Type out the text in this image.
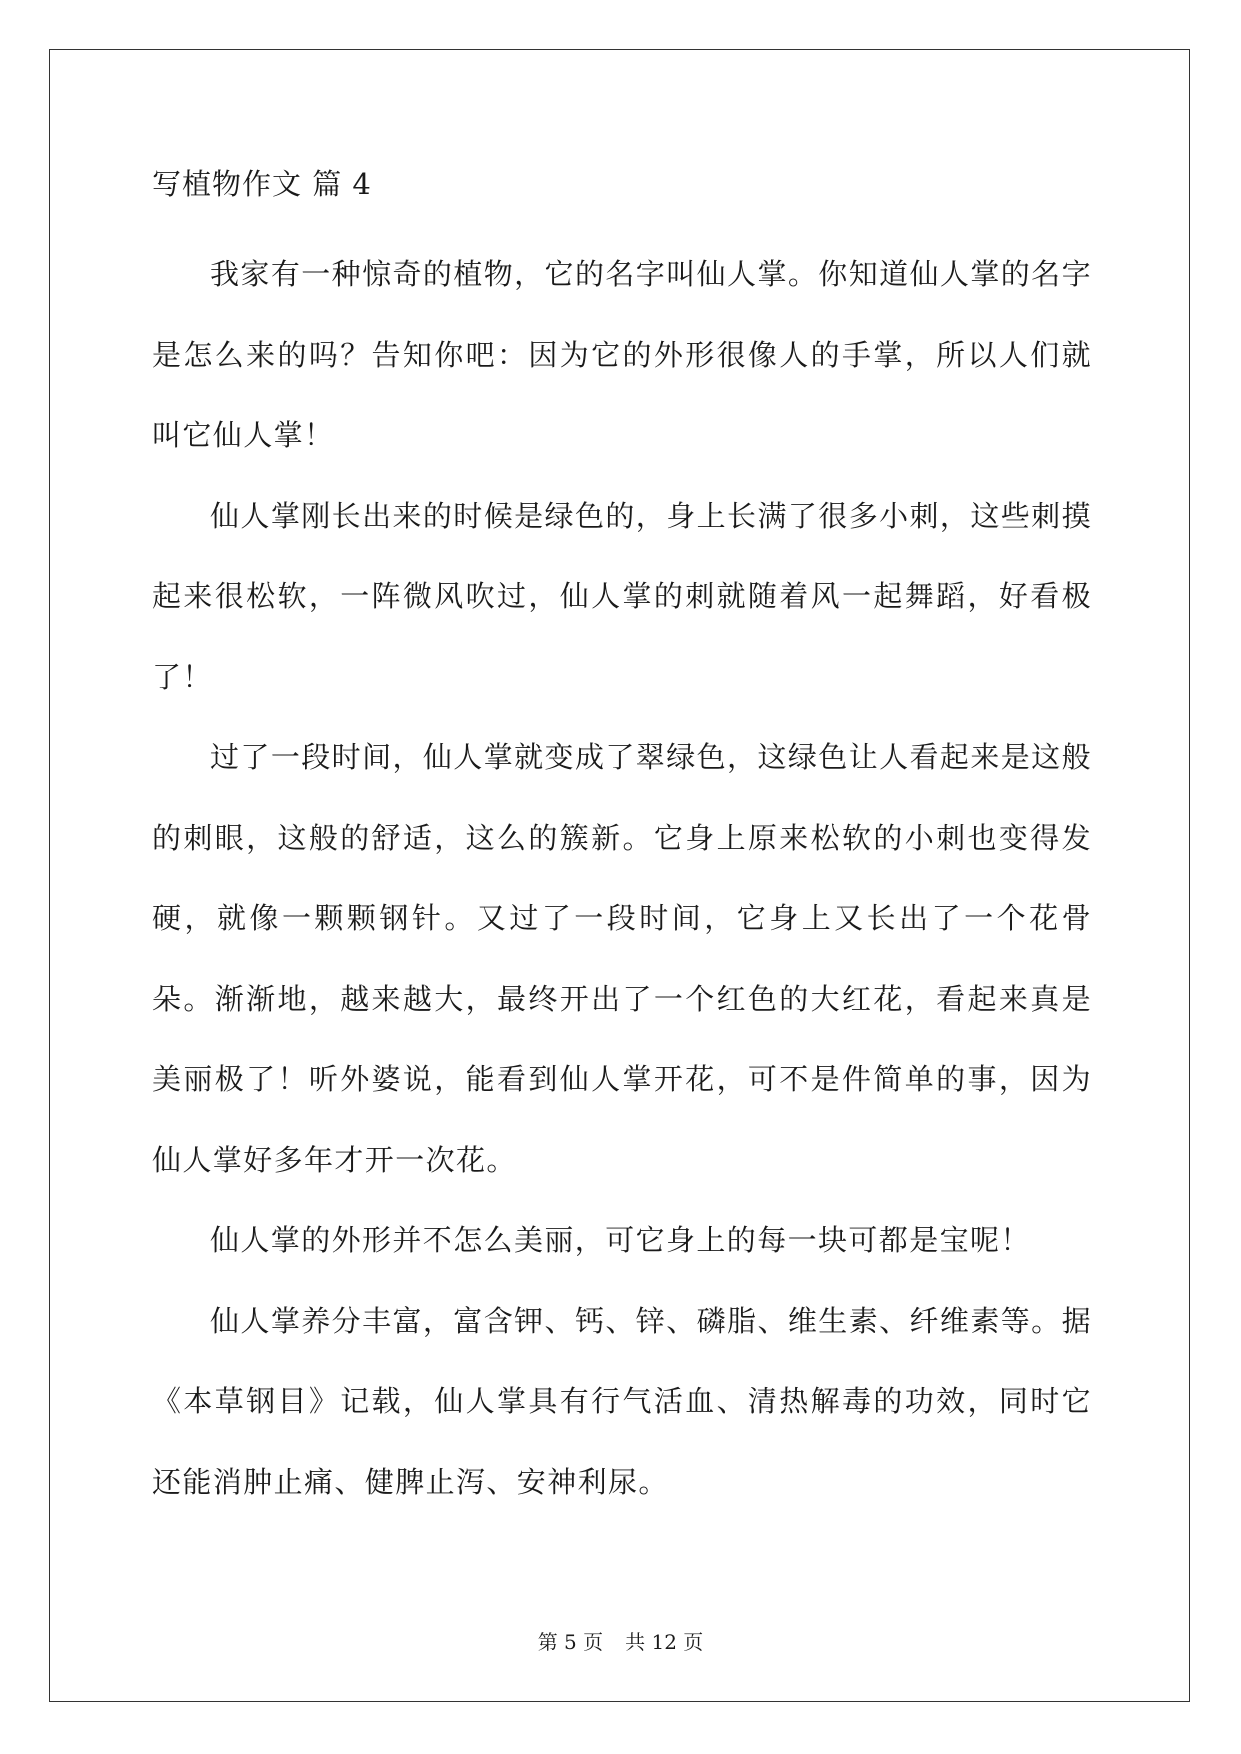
写植物作文 篇 4

我家有一种惊奇的植物，它的名字叫仙人掌。你知道仙人掌的名字是怎么来的吗？告知你吧：因为它的外形很像人的手掌，所以人们就叫它仙人掌！

仙人掌刚长出来的时候是绿色的，身上长满了很多小刺，这些刺摸起来很松软，一阵微风吹过，仙人掌的刺就随着风一起舞蹈，好看极了！

过了一段时间，仙人掌就变成了翠绿色，这绿色让人看起来是这般的刺眼，这般的舒适，这么的簇新。它身上原来松软的小刺也变得发硬，就像一颗颗钢针。又过了一段时间，它身上又长出了一个花骨朵。渐渐地，越来越大，最终开出了一个红色的大红花，看起来真是美丽极了！听外婆说，能看到仙人掌开花，可不是件简单的事，因为仙人掌好多年才开一次花。

仙人掌的外形并不怎么美丽，可它身上的每一块可都是宝呢！

仙人掌养分丰富，富含钾、钙、锌、磷脂、维生素、纤维素等。据《本草钢目》记载，仙人掌具有行气活血、清热解毒的功效，同时它还能消肿止痛、健脾止泻、安神利尿。

第 5 页 共 12 页
